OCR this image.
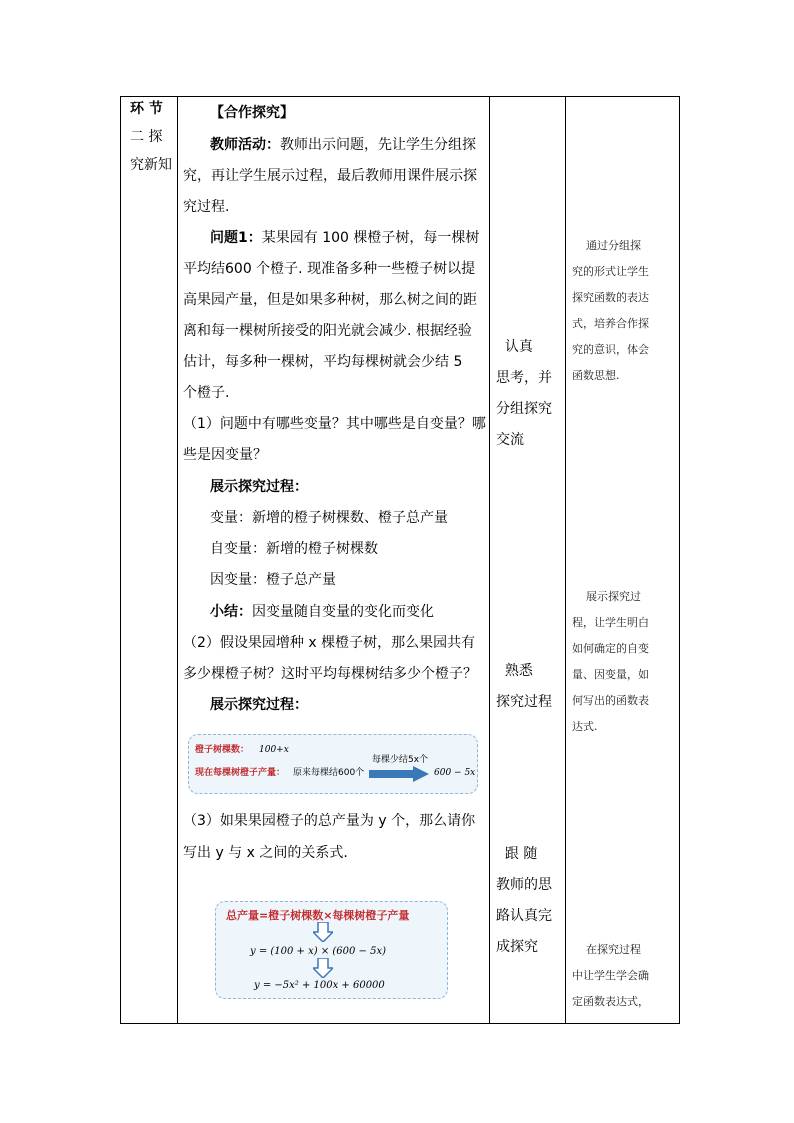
环 节
二 探
究新知
【合作探究】
教师活动：教师出示问题，先让学生分组探
究，再让学生展示过程，最后教师用课件展示探
究过程.
问题1：某果园有 100 棵橙子树，每一棵树
平均结600 个橙子. 现准备多种一些橙子树以提
高果园产量，但是如果多种树，那么树之间的距
离和每一棵树所接受的阳光就会减少. 根据经验
估计，每多种一棵树，平均每棵树就会少结 5
个橙子.
（1）问题中有哪些变量？其中哪些是自变量？哪
些是因变量？
展示探究过程：
变量：新增的橙子树棵数、橙子总产量
自变量：新增的橙子树棵数
因变量：橙子总产量
小结：因变量随自变量的变化而变化
（2）假设果园增种 x 棵橙子树，那么果园共有
多少棵橙子树？这时平均每棵树结多少个橙子？
展示探究过程：
橙子树棵数： 100+x
现在每棵树橙子产量： 原来每棵结600个
每棵少结5x个
600 − 5x
（3）如果果园橙子的总产量为 y 个，那么请你
写出 y 与 x 之间的关系式.
总产量=橙子树棵数×每棵树橙子产量
y = (100 + x) × (600 − 5x)
y = −5x² + 100x + 60000
认真
思考，并
分组探究
交流
熟悉
探究过程
跟 随
教师的思
路认真完
成探究
通过分组探
究的形式让学生
探究函数的表达
式，培养合作探
究的意识，体会
函数思想.
展示探究过
程，让学生明白
如何确定的自变
量、因变量，如
何写出的函数表
达式.
在探究过程
中让学生学会确
定函数表达式，
